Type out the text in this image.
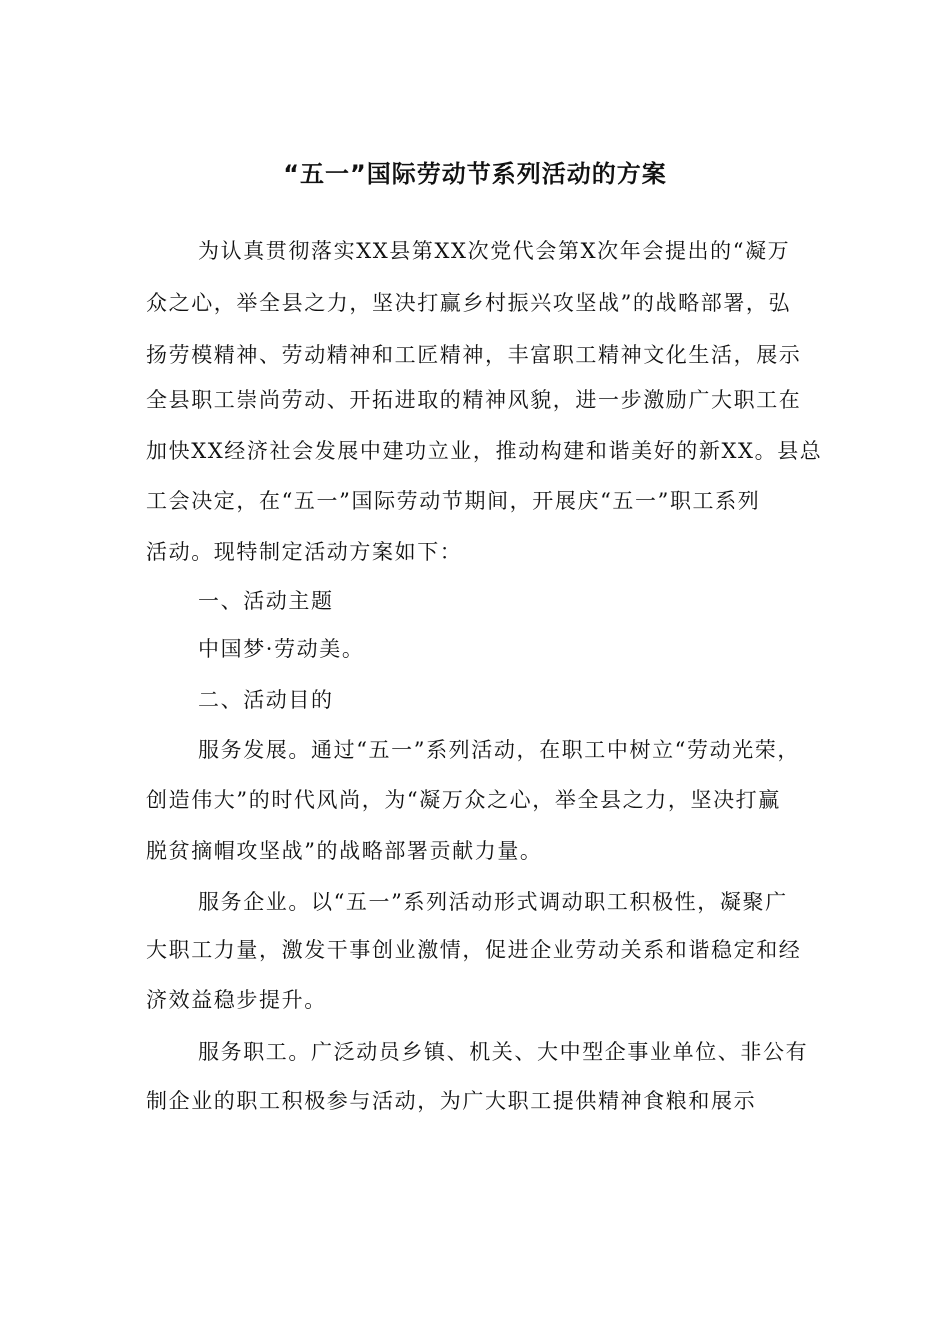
“五一”国际劳动节系列活动的方案

为认真贯彻落实XX县第XX次党代会第X次年会提出的“凝万

众之心，举全县之力，坚决打赢乡村振兴攻坚战”的战略部署，弘

扬劳模精神、劳动精神和工匠精神，丰富职工精神文化生活，展示

全县职工崇尚劳动、开拓进取的精神风貌，进一步激励广大职工在

加快XX经济社会发展中建功立业，推动构建和谐美好的新XX。县总

工会决定，在“五一”国际劳动节期间，开展庆“五一”职工系列

活动。现特制定活动方案如下：

一、活动主题

中国梦·劳动美。

二、活动目的

服务发展。通过“五一”系列活动，在职工中树立“劳动光荣，

创造伟大”的时代风尚，为“凝万众之心，举全县之力，坚决打赢

脱贫摘帽攻坚战”的战略部署贡献力量。

服务企业。以“五一”系列活动形式调动职工积极性，凝聚广

大职工力量，激发干事创业激情，促进企业劳动关系和谐稳定和经

济效益稳步提升。

服务职工。广泛动员乡镇、机关、大中型企事业单位、非公有

制企业的职工积极参与活动，为广大职工提供精神食粮和展示
